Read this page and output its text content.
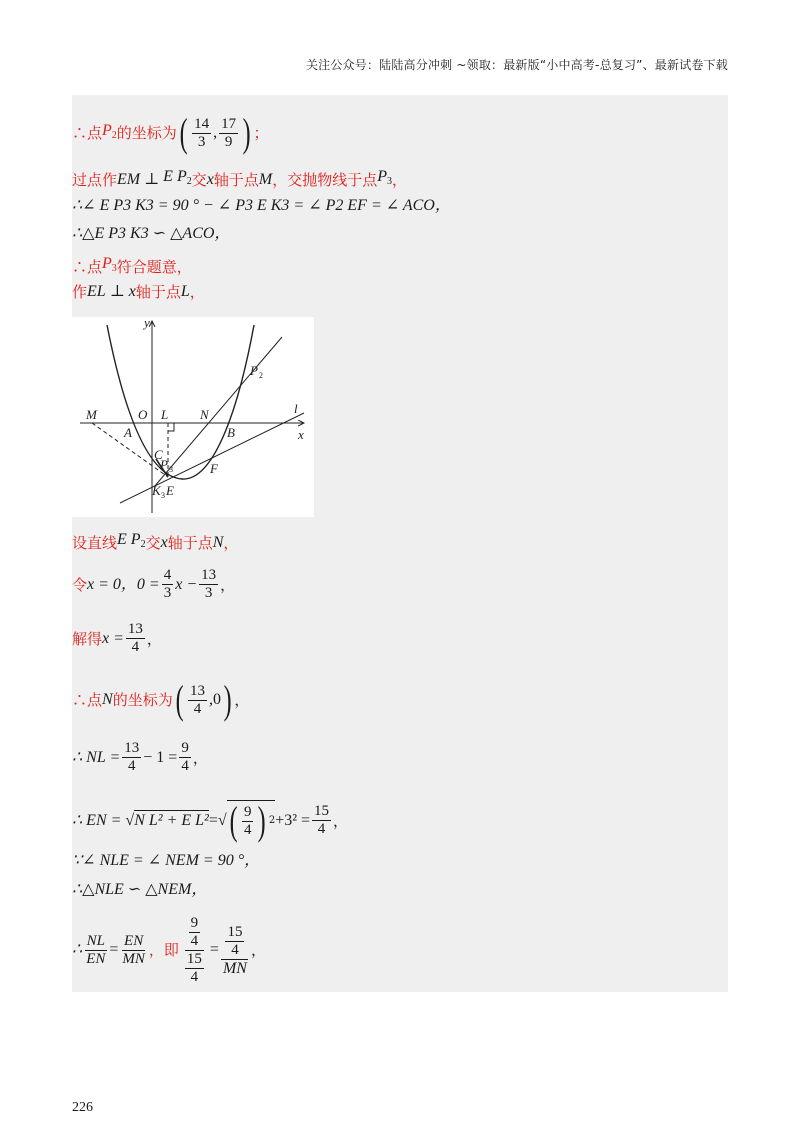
关注公众号：陆陆高分冲刺 ~领取：最新版“小中高考-总复习”、最新试卷下载
∴点 $P_2$ 的坐标为 ( $\frac{14}{3}$ , $\frac{17}{9}$ ) ；
过点作 EM ⊥ E $P_2$ 交 x 轴于点 M ，交抛物线于点 $P_3$ ，
∴∠ E P3 K3 = 90 ° − ∠ P3 E K3 = ∠ P2 EF = ∠ ACO，
∴△E P3 K3 ∽ △ACO，
∴点 $P_3$ 符合题意，
作 EL ⊥ x 轴于点 L ，
y
x
O L N
M
A	B
C
F
E
K
P
P
l
3
3
2
设直线 E $P_2$ 交 x 轴于点 N ，
令 x = 0，$0 = \frac{4}{3}$ $x - \frac{13}{3}$ ，
解得 $x = \frac{13}{4}$ ，
∴点 N 的坐标为 ( $\frac{13}{4} ,0$ ) ，
∴ NL = $\frac{13}{4} - 1 = \frac{9}{4}$ ，
∴ EN = √ N L² + E L² = √ ( $\frac{9}{4}$ ) $2 +3^2 = \frac{15}{4}$ ，
∵∠ NLE = ∠ NEM = 90 °，
∴△NLE ∽ △NEM，
∴ $\frac{NL}{EN} = \frac{EN}{MN}$ ，即 $\frac{\frac{9}{4}}{\frac{15}{4}} = \frac{\frac{15}{4}}{MN}$ ，
226
